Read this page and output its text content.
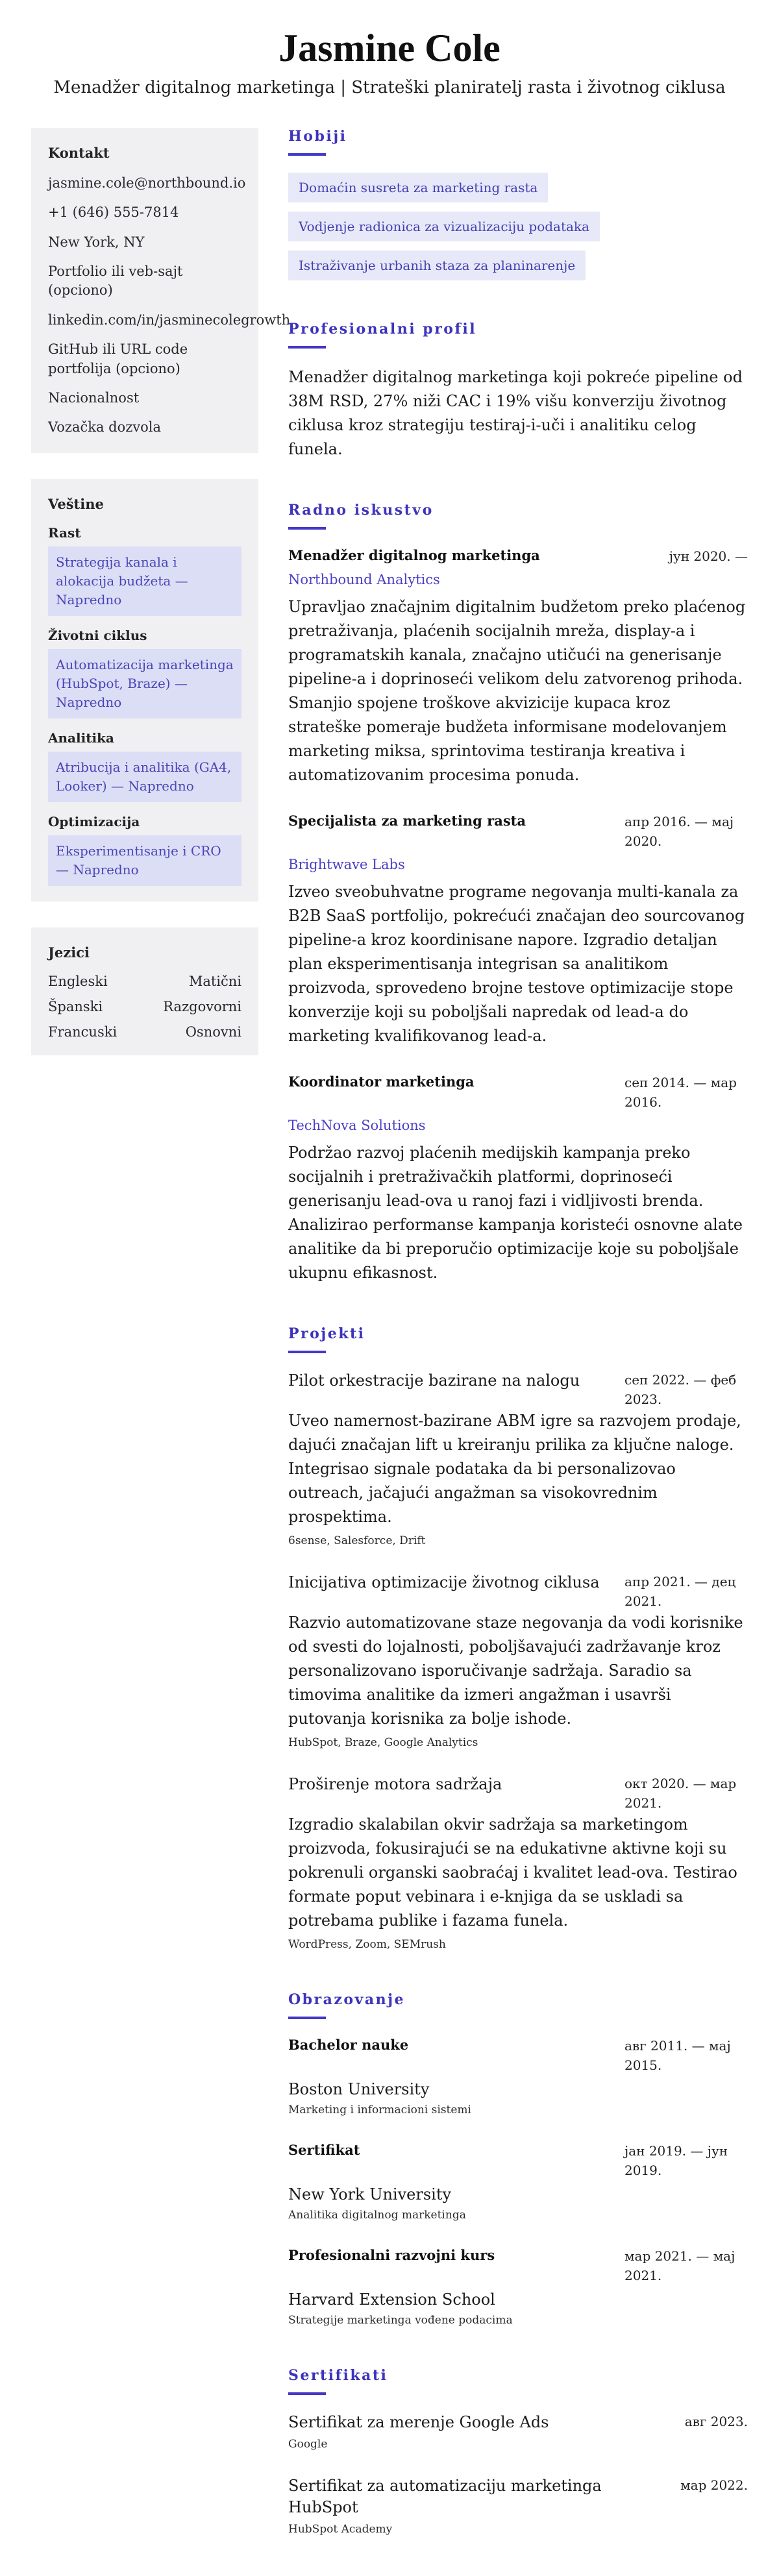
Jasmine Cole
Menadžer digitalnog marketinga | Strateški planiratelj rasta i životnog ciklusa
Kontakt
jasmine.cole@northbound.io
+1 (646) 555-7814
New York, NY
Portfolio ili veb-sajt (opciono)
linkedin.com/in/jasminecolegrowth
GitHub ili URL code portfolija (opciono)
Nacionalnost
Vozačka dozvola
Veštine
Rast
Strategija kanala i alokacija budžeta — Napredno
Životni ciklus
Automatizacija marketinga (HubSpot, Braze) — Napredno
Analitika
Atribucija i analitika (GA4, Looker) — Napredno
Optimizacija
Eksperimentisanje i CRO — Napredno
Jezici
Engleski	Matični
Španski	Razgovorni
Francuski	Osnovni
Hobiji
Domaćin susreta za marketing rasta
Vodjenje radionica za vizualizaciju podataka
Istraživanje urbanih staza za planinarenje
Profesionalni profil

Menadžer digitalnog marketinga koji pokreće pipeline od 38M RSD, 27% niži CAC i 19% višu konverziju životnog ciklusa kroz strategiju testiraj-i-uči i analitiku celog funela.

Radno iskustvo
Menadžer digitalnog marketinga	јун 2020. —
Northbound Analytics

Upravljao značajnim digitalnim budžetom preko plaćenog pretraživanja, plaćenih socijalnih mreža, display-a i programatskih kanala, značajno utičući na generisanje pipeline-a i doprinoseći velikom delu zatvorenog prihoda. Smanjio spojene troškove akvizicije kupaca kroz strateške pomeraje budžeta informisane modelovanjem marketing miksa, sprintovima testiranja kreativa i automatizovanim procesima ponuda.

Specijalista za marketing rasta	апр 2016. — мај 2020.
Brightwave Labs

Izveo sveobuhvatne programe negovanja multi-kanala za B2B SaaS portfolijo, pokrećući značajan deo sourcovanog pipeline-a kroz koordinisane napore. Izgradio detaljan plan eksperimentisanja integrisan sa analitikom proizvoda, sprovedeno brojne testove optimizacije stope konverzije koji su poboljšali napredak od lead-a do marketing kvalifikovanog lead-a.

Koordinator marketinga	сеп 2014. — мар 2016.
TechNova Solutions

Podržao razvoj plaćenih medijskih kampanja preko socijalnih i pretraživačkih platformi, doprinoseći generisanju lead-ova u ranoj fazi i vidljivosti brenda. Analizirao performanse kampanja koristeći osnovne alate analitike da bi preporučio optimizacije koje su poboljšale ukupnu efikasnost.

Projekti
Pilot orkestracije bazirane na nalogu	сеп 2022. — феб 2023.

Uveo namernost-bazirane ABM igre sa razvojem prodaje, dajući značajan lift u kreiranju prilika za ključne naloge. Integrisao signale podataka da bi personalizovao outreach, jačajući angažman sa visokovrednim prospektima.

6sense, Salesforce, Drift
Inicijativa optimizacije životnog ciklusa апр 2021. — дец 2021.

Razvio automatizovane staze negovanja da vodi korisnike od svesti do lojalnosti, poboljšavajući zadržavanje kroz personalizovano isporučivanje sadržaja. Saradio sa timovima analitike da izmeri angažman i usavrši putovanja korisnika za bolje ishode.

HubSpot, Braze, Google Analytics
Proširenje motora sadržaja	окт 2020. — мар 2021.

Izgradio skalabilan okvir sadržaja sa marketingom proizvoda, fokusirajući se na edukativne aktivne koji su pokrenuli organski saobraćaj i kvalitet lead-ova. Testirao formate poput vebinara i e-knjiga da se uskladi sa potrebama publike i fazama funela.

WordPress, Zoom, SEMrush
Obrazovanje
Bachelor nauke	авг 2011. — мај 2015.
Boston University
Marketing i informacioni sistemi
Sertifikat	јан 2019. — јун 2019.
New York University
Analitika digitalnog marketinga
Profesionalni razvojni kurs	мар 2021. — мај 2021.
Harvard Extension School
Strategije marketinga vođene podacima
Sertifikati
Sertifikat za merenje Google Ads	авг 2023.
Google
Sertifikat za automatizaciju marketinga HubSpot
мар 2022.
HubSpot Academy
